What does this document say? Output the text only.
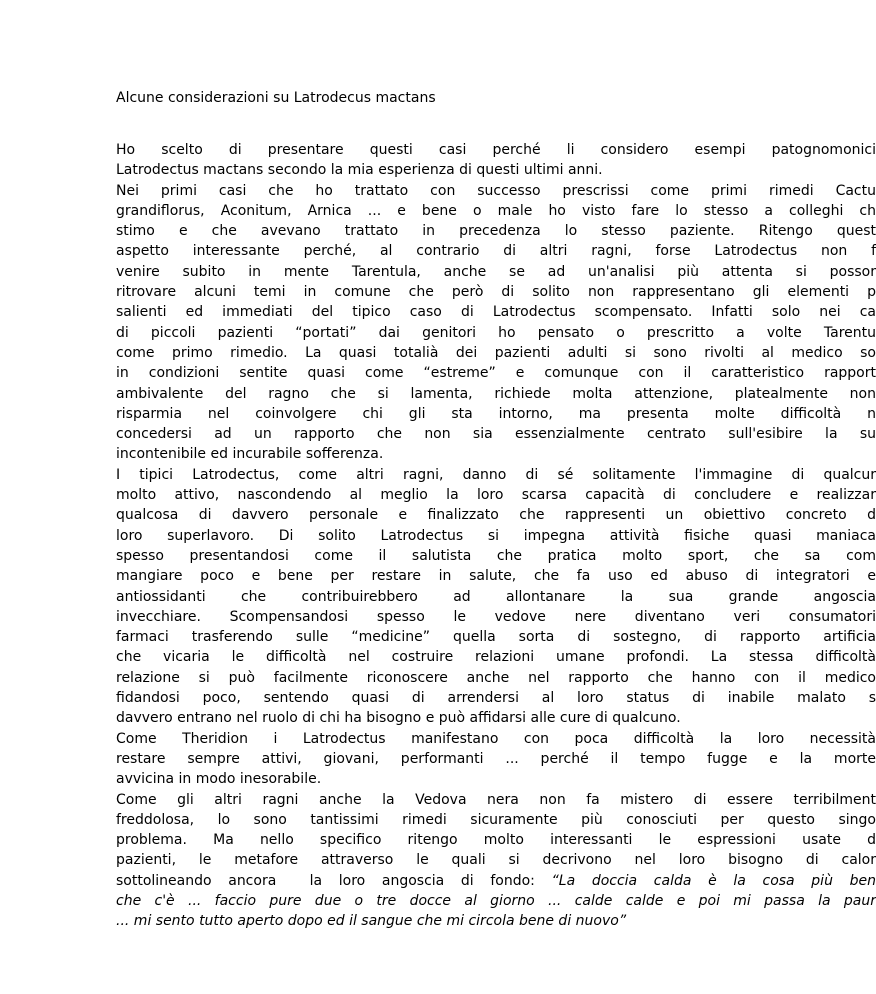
Alcune considerazioni su Latrodecus mactans
Ho scelto di presentare questi casi perché li considero esempi patognomonici
Latrodectus mactans secondo la mia esperienza di questi ultimi anni.
Nei primi casi che ho trattato con successo prescrissi come primi rimedi Cactu
grandiflorus, Aconitum, Arnica ... e bene o male ho visto fare lo stesso a colleghi ch
stimo e che avevano trattato in precedenza lo stesso paziente. Ritengo quest
aspetto interessante perché, al contrario di altri ragni, forse Latrodectus non f
venire subito in mente Tarentula, anche se ad un'analisi più attenta si possor
ritrovare alcuni temi in comune che però di solito non rappresentano gli elementi p
salienti ed immediati del tipico caso di Latrodectus scompensato. Infatti solo nei ca
di piccoli pazienti “portati” dai genitori ho pensato o prescritto a volte Tarentu
come primo rimedio. La quasi totalià dei pazienti adulti si sono rivolti al medico so
in condizioni sentite quasi come “estreme” e comunque con il caratteristico rapport
ambivalente del ragno che si lamenta, richiede molta attenzione, platealmente non
risparmia nel coinvolgere chi gli sta intorno, ma presenta molte difficoltà n
concedersi ad un rapporto che non sia essenzialmente centrato sull'esibire la su
incontenibile ed incurabile sofferenza.
I tipici Latrodectus, come altri ragni, danno di sé solitamente l'immagine di qualcur
molto attivo, nascondendo al meglio la loro scarsa capacità di concludere e realizzar
qualcosa di davvero personale e finalizzato che rappresenti un obiettivo concreto d
loro superlavoro. Di solito Latrodectus si impegna attività fisiche quasi maniaca
spesso presentandosi come il salutista che pratica molto sport, che sa com
mangiare poco e bene per restare in salute, che fa uso ed abuso di integratori e
antiossidanti che contribuirebbero ad allontanare la sua grande angoscia
invecchiare. Scompensandosi spesso le vedove nere diventano veri consumatori
farmaci trasferendo sulle “medicine” quella sorta di sostegno, di rapporto artificia
che vicaria le difficoltà nel costruire relazioni umane profondi. La stessa difficoltà
relazione si può facilmente riconoscere anche nel rapporto che hanno con il medico
fidandosi poco, sentendo quasi di arrendersi al loro status di inabile malato s
davvero entrano nel ruolo di chi ha bisogno e può affidarsi alle cure di qualcuno.
Come Theridion i Latrodectus manifestano con poca difficoltà la loro necessità
restare sempre attivi, giovani, performanti ... perché il tempo fugge e la morte
avvicina in modo inesorabile.
Come gli altri ragni anche la Vedova nera non fa mistero di essere terribilment
freddolosa, lo sono tantissimi rimedi sicuramente più conosciuti per questo singo
problema. Ma nello specifico ritengo molto interessanti le espressioni usate d
pazienti, le metafore attraverso le quali si decrivono nel loro bisogno di calor
sottolineando ancora  la loro angoscia di fondo: “La doccia calda è la cosa più ben
che c'è ... faccio pure due o tre docce al giorno ... calde calde e poi mi passa la paur
... mi sento tutto aperto dopo ed il sangue che mi circola bene di nuovo”
